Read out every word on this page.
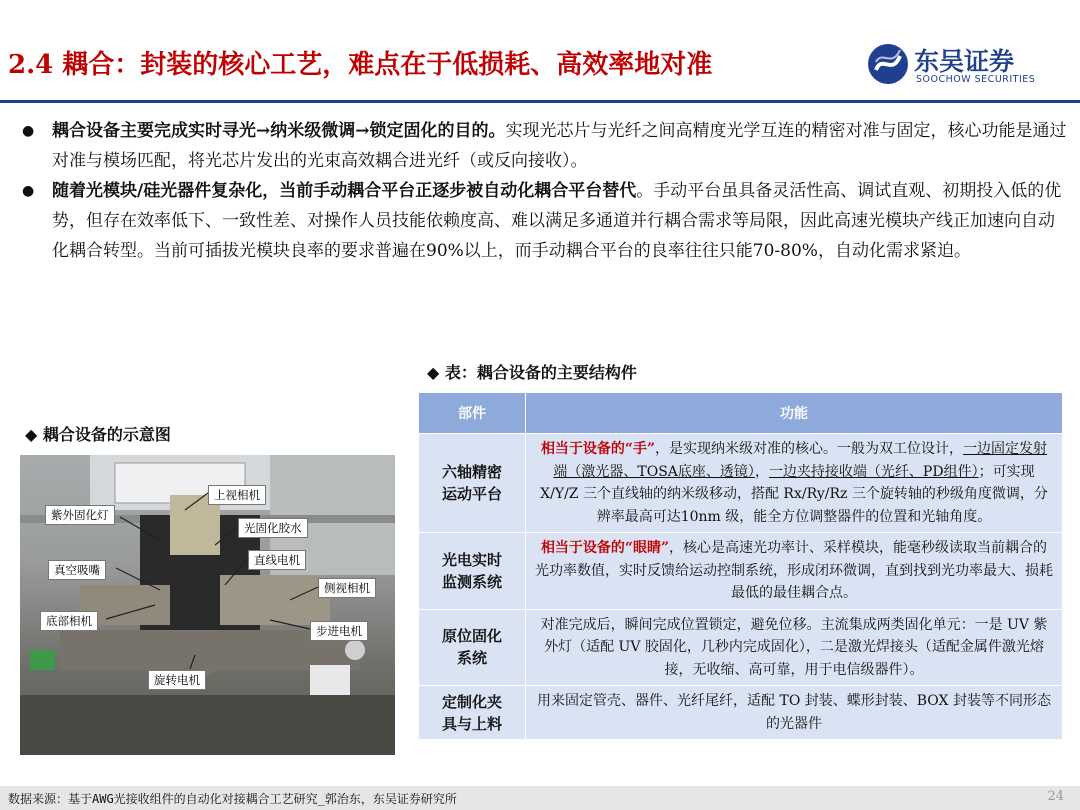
2.4 耦合：封装的核心工艺，难点在于低损耗、高效率地对准	东吴证券
SOOCHOW SECURITIES
● 耦合设备主要完成实时寻光→纳米级微调→锁定固化的目的。实现光芯片与光纤之间高精度光学互连的精密对准与固定，核心功能是通过对准与模场匹配，将光芯片发出的光束高效耦合进光纤（或反向接收）。
● 随着光模块/硅光器件复杂化，当前手动耦合平台正逐步被自动化耦合平台替代。手动平台虽具备灵活性高、调试直观、初期投入低的优势，但存在效率低下、一致性差、对操作人员技能依赖度高、难以满足多通道并行耦合需求等局限，因此高速光模块产线正加速向自动化耦合转型。当前可插拔光模块良率的要求普遍在90%以上，而手动耦合平台的良率往往只能70-80%，自动化需求紧迫。
◆ 表：耦合设备的主要结构件
◆ 耦合设备的示意图
上视相机
紫外固化灯
光固化胶水
直线电机
真空吸嘴
侧视相机
底部相机
步进电机
旋转电机
部件	功能

六轴精密运动平台	相当于设备的“手”，是实现纳米级对准的核心。一般为双工位设计，一边固定发射端（激光器、TOSA底座、透镜），一边夹持接收端（光纤、PD组件）；可实现 X/Y/Z 三个直线轴的纳米级移动，搭配 Rx/Ry/Rz 三个旋转轴的秒级角度微调，分辨率最高可达10nm 级，能全方位调整器件的位置和光轴角度。

光电实时监测系统	相当于设备的“眼睛”，核心是高速光功率计、采样模块，能毫秒级读取当前耦合的光功率数值，实时反馈给运动控制系统，形成闭环微调，直到找到光功率最大、损耗最低的最佳耦合点。

原位固化系统	对准完成后，瞬间完成位置锁定，避免位移。主流集成两类固化单元：一是 UV 紫外灯（适配 UV 胶固化，几秒内完成固化），二是激光焊接头（适配金属件激光熔接，无收缩、高可靠，用于电信级器件）。

定制化夹具与上料	用来固定管壳、器件、光纤尾纤，适配 TO 封装、蝶形封装、BOX 封装等不同形态的光器件
数据来源：基于AWG光接收组件的自动化对接耦合工艺研究_郭治东，东吴证券研究所	24
